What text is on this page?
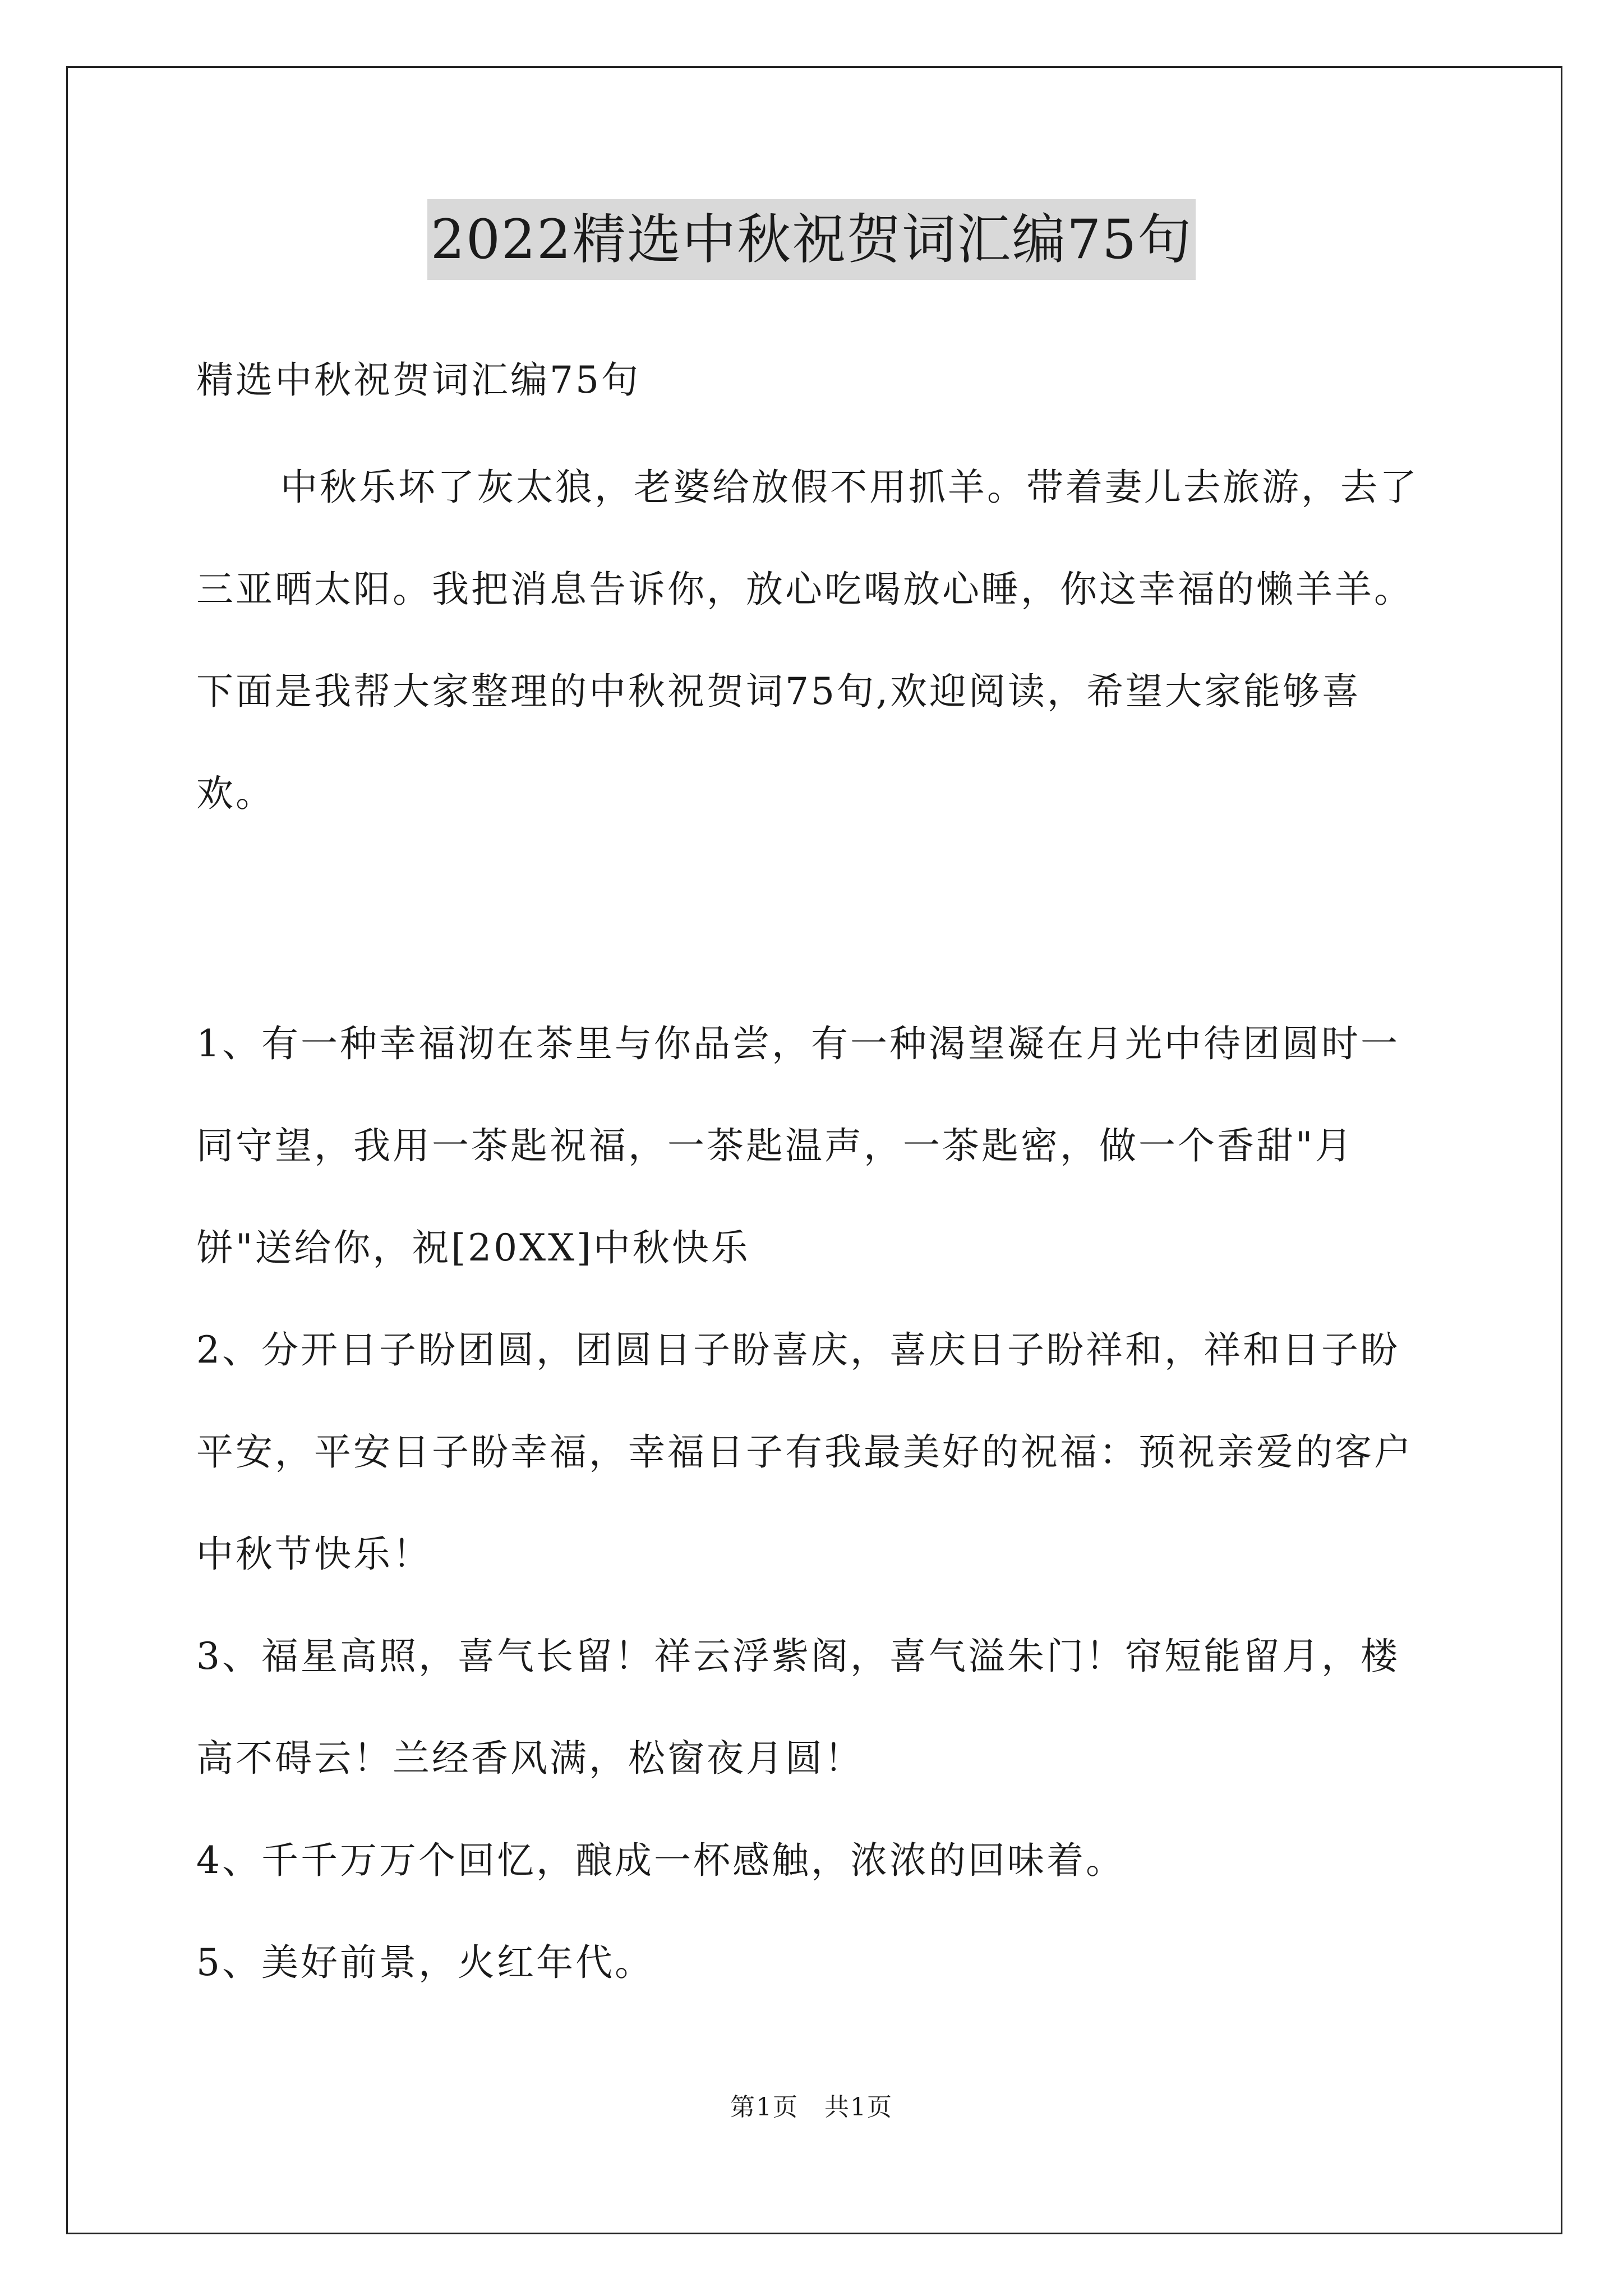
2022精选中秋祝贺词汇编75句
精选中秋祝贺词汇编75句
中秋乐坏了灰太狼，老婆给放假不用抓羊。带着妻儿去旅游，去了三亚晒太阳。我把消息告诉你，放心吃喝放心睡，你这幸福的懒羊羊。下面是我帮大家整理的中秋祝贺词75句,欢迎阅读，希望大家能够喜欢。

1、有一种幸福沏在茶里与你品尝，有一种渴望凝在月光中待团圆时一同守望，我用一茶匙祝福，一茶匙温声，一茶匙密，做一个香甜"月饼"送给你，祝[20XX]中秋快乐

2、分开日子盼团圆，团圆日子盼喜庆，喜庆日子盼祥和，祥和日子盼平安，平安日子盼幸福，幸福日子有我最美好的祝福：预祝亲爱的客户中秋节快乐！

3、福星高照，喜气长留！祥云浮紫阁，喜气溢朱门！帘短能留月，楼高不碍云！兰经香风满，松窗夜月圆！

4、千千万万个回忆，酿成一杯感触，浓浓的回味着。

5、美好前景，火红年代。

第1页　共1页
